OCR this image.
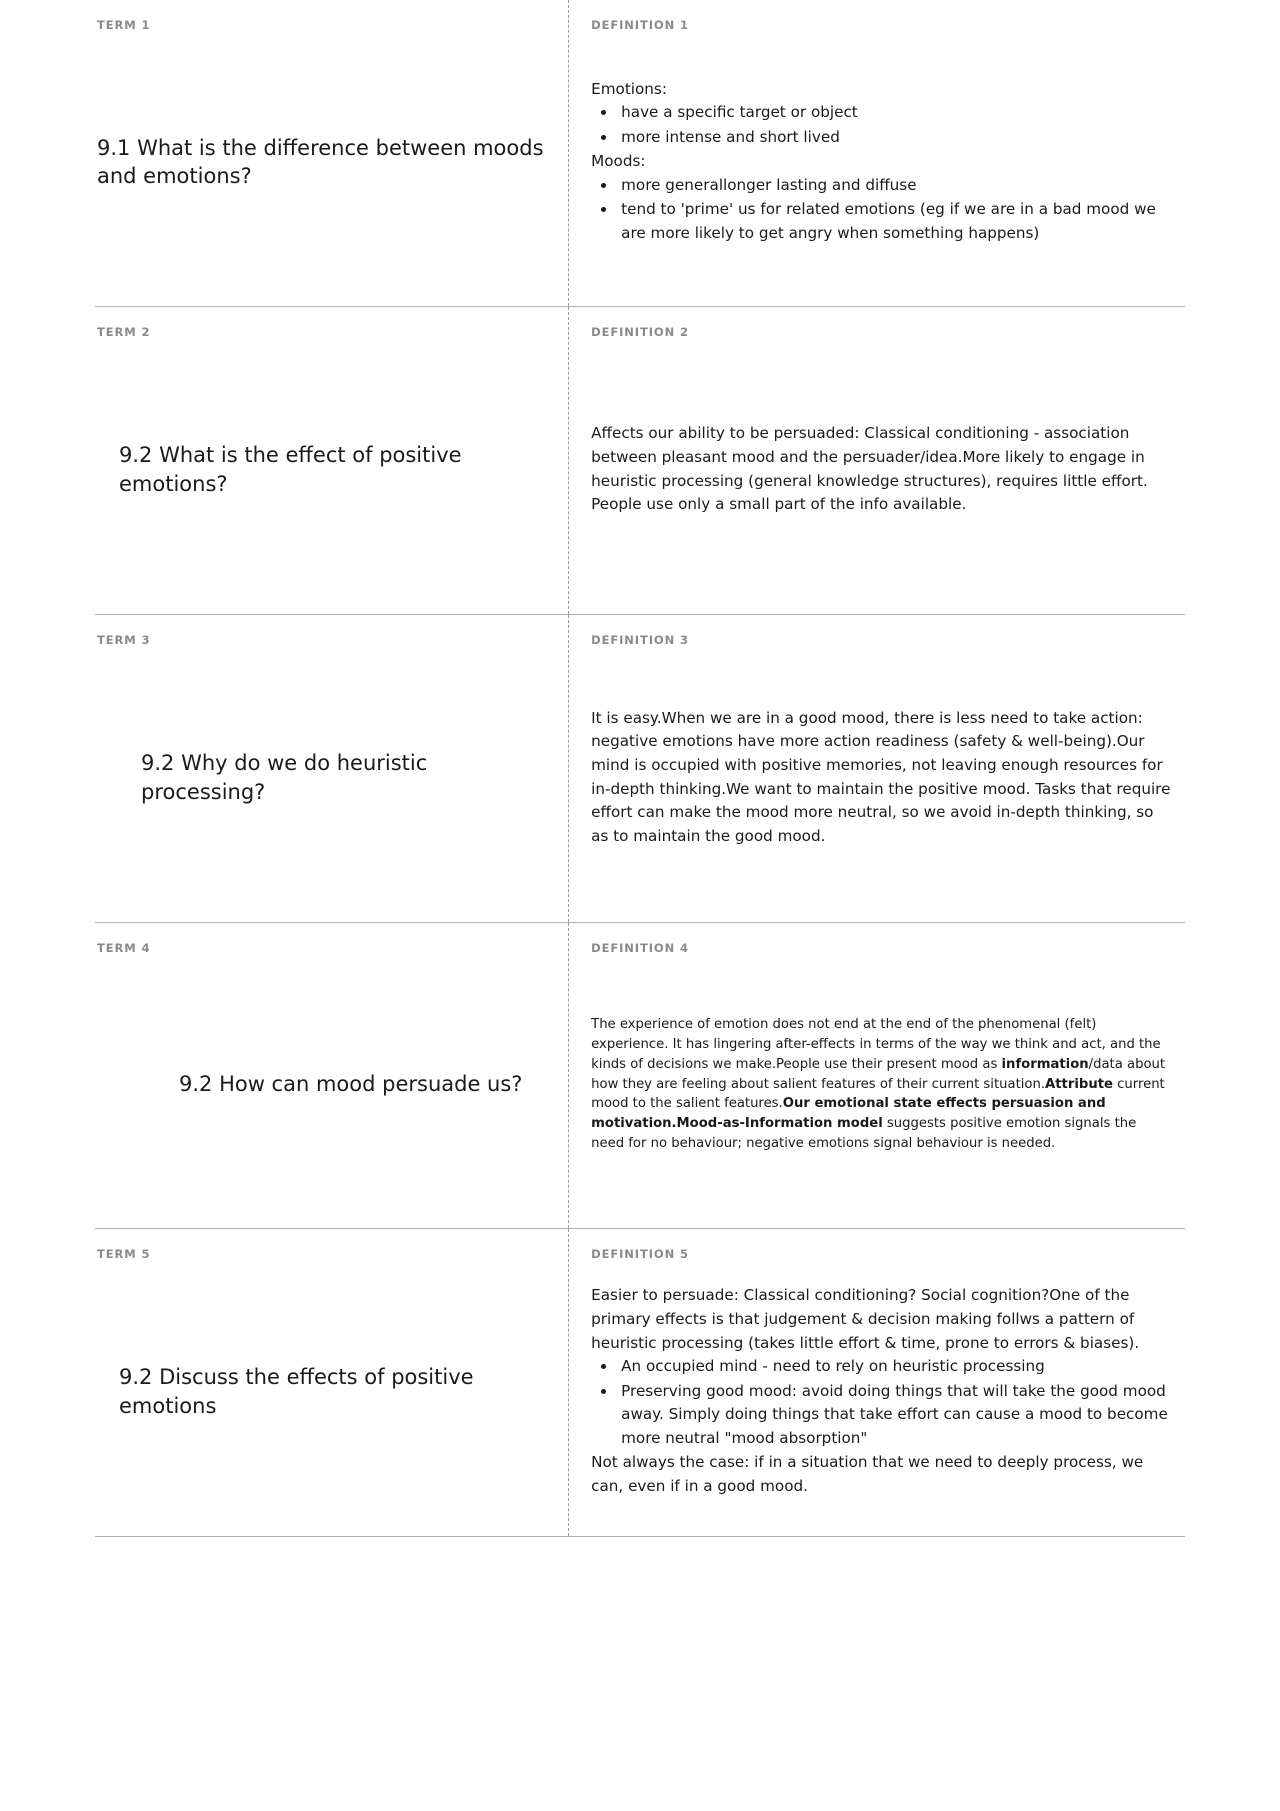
TERM 1
9.1 What is the difference between moods and emotions?
DEFINITION 1
Emotions:
• have a specific target or object
• more intense and short lived
Moods:
• more generallonger lasting and diffuse
• tend to 'prime' us for related emotions (eg if we are in a bad mood we are more likely to get angry when something happens)
TERM 2
9.2 What is the effect of positive emotions?
DEFINITION 2
Affects our ability to be persuaded: Classical conditioning - association between pleasant mood and the persuader/idea.More likely to engage in heuristic processing (general knowledge structures), requires little effort. People use only a small part of the info available.
TERM 3
9.2 Why do we do heuristic processing?
DEFINITION 3
It is easy.When we are in a good mood, there is less need to take action: negative emotions have more action readiness (safety & well-being).Our mind is occupied with positive memories, not leaving enough resources for in-depth thinking.We want to maintain the positive mood. Tasks that require effort can make the mood more neutral, so we avoid in-depth thinking, so as to maintain the good mood.
TERM 4
9.2 How can mood persuade us?
DEFINITION 4
The experience of emotion does not end at the end of the phenomenal (felt) experience. It has lingering after-effects in terms of the way we think and act, and the kinds of decisions we make.People use their present mood as information/data about how they are feeling about salient features of their current situation.Attribute current mood to the salient features.Our emotional state effects persuasion and motivation.Mood-as-Information model suggests positive emotion signals the need for no behaviour; negative emotions signal behaviour is needed.
TERM 5
9.2 Discuss the effects of positive emotions
DEFINITION 5
Easier to persuade: Classical conditioning? Social cognition?One of the primary effects is that judgement & decision making follws a pattern of heuristic processing (takes little effort & time, prone to errors & biases).
• An occupied mind - need to rely on heuristic processing
• Preserving good mood: avoid doing things that will take the good mood away. Simply doing things that take effort can cause a mood to become more neutral "mood absorption"
Not always the case: if in a situation that we need to deeply process, we can, even if in a good mood.
